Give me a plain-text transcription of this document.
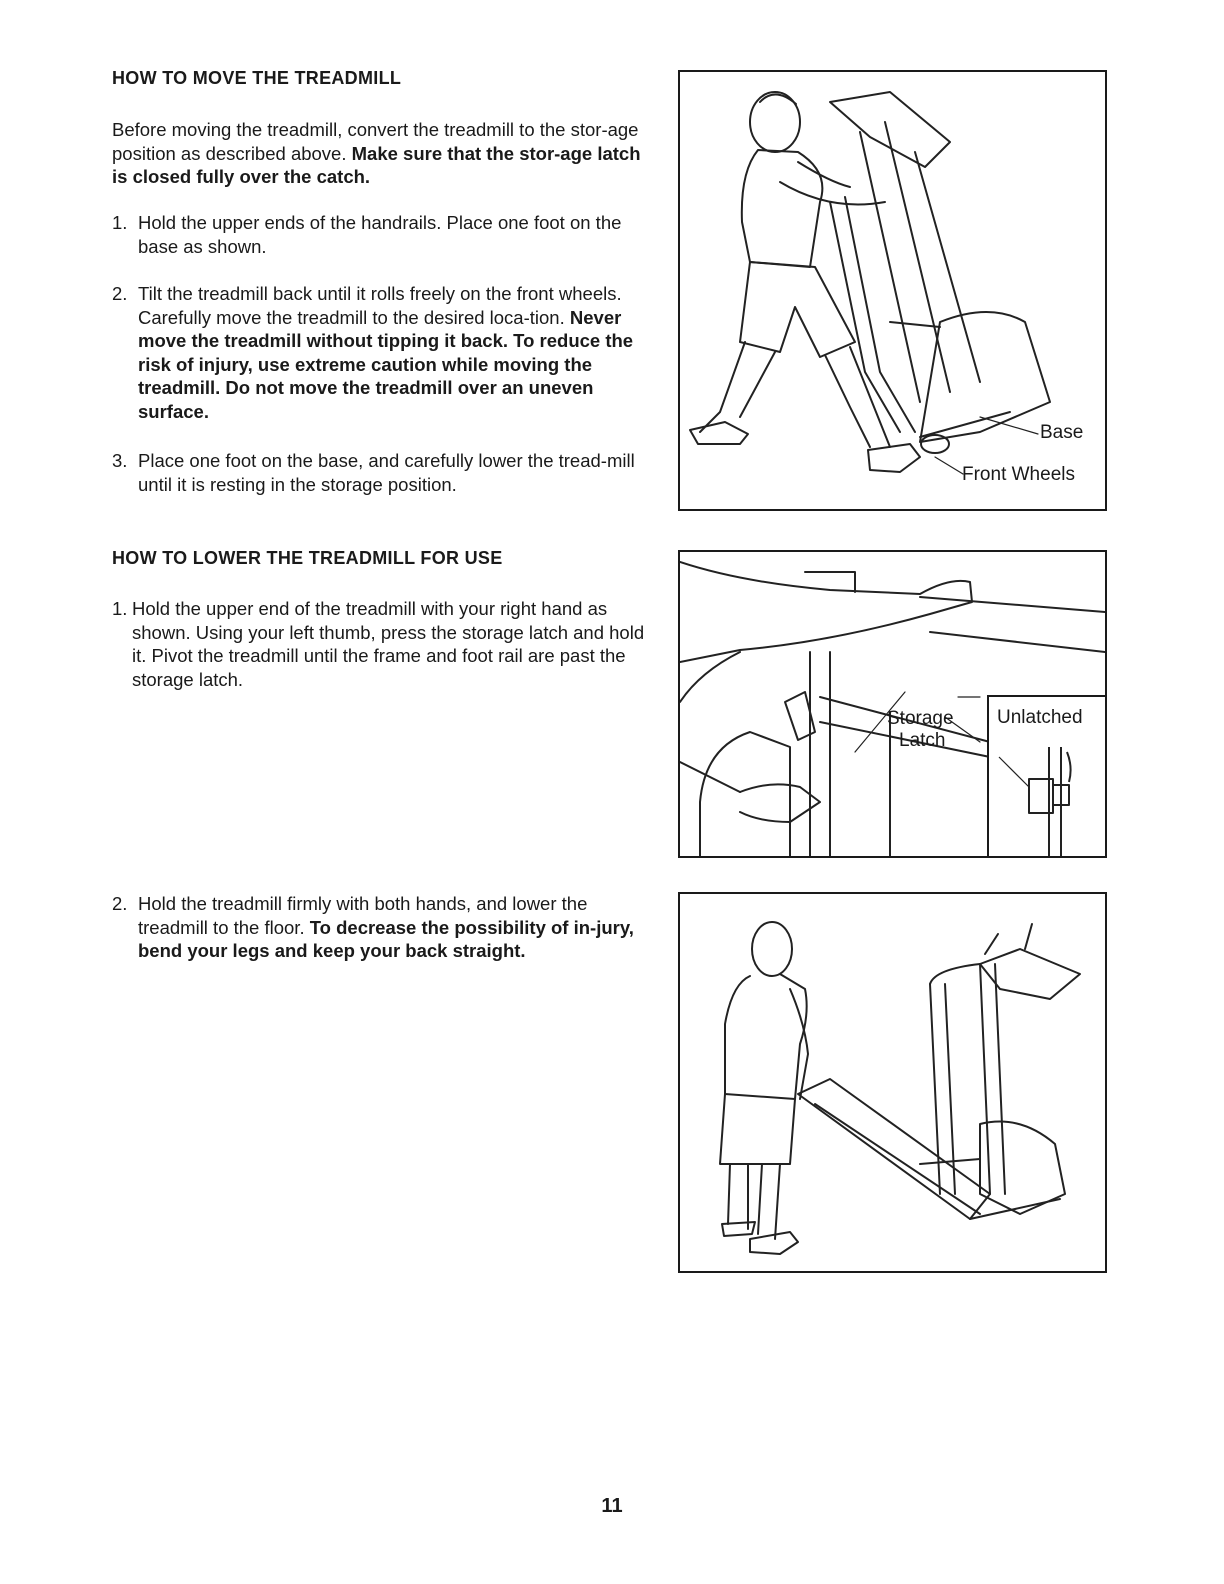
HOW TO MOVE THE TREADMILL

Before moving the treadmill, convert the treadmill to the stor-age position as described above. Make sure that the stor-age latch is closed fully over the catch.

1. Hold the upper ends of the handrails. Place one foot on the base as shown.
2. Tilt the treadmill back until it rolls freely on the front wheels. Carefully move the treadmill to the desired loca-tion. Never move the treadmill without tipping it back. To reduce the risk of injury, use extreme caution while moving the treadmill. Do not move the treadmill over an uneven surface.
3. Place one foot on the base, and carefully lower the tread-mill until it is resting in the storage position.
HOW TO LOWER THE TREADMILL FOR USE
1. Hold the upper end of the treadmill with your right hand as shown. Using your left thumb, press the storage latch and hold it. Pivot the treadmill until the frame and foot rail are past the storage latch.
2. Hold the treadmill firmly with both hands, and lower the treadmill to the floor. To decrease the possibility of in-jury, bend your legs and keep your back straight.
Base
Front Wheels
Storage
Latch
Unlatched
11
